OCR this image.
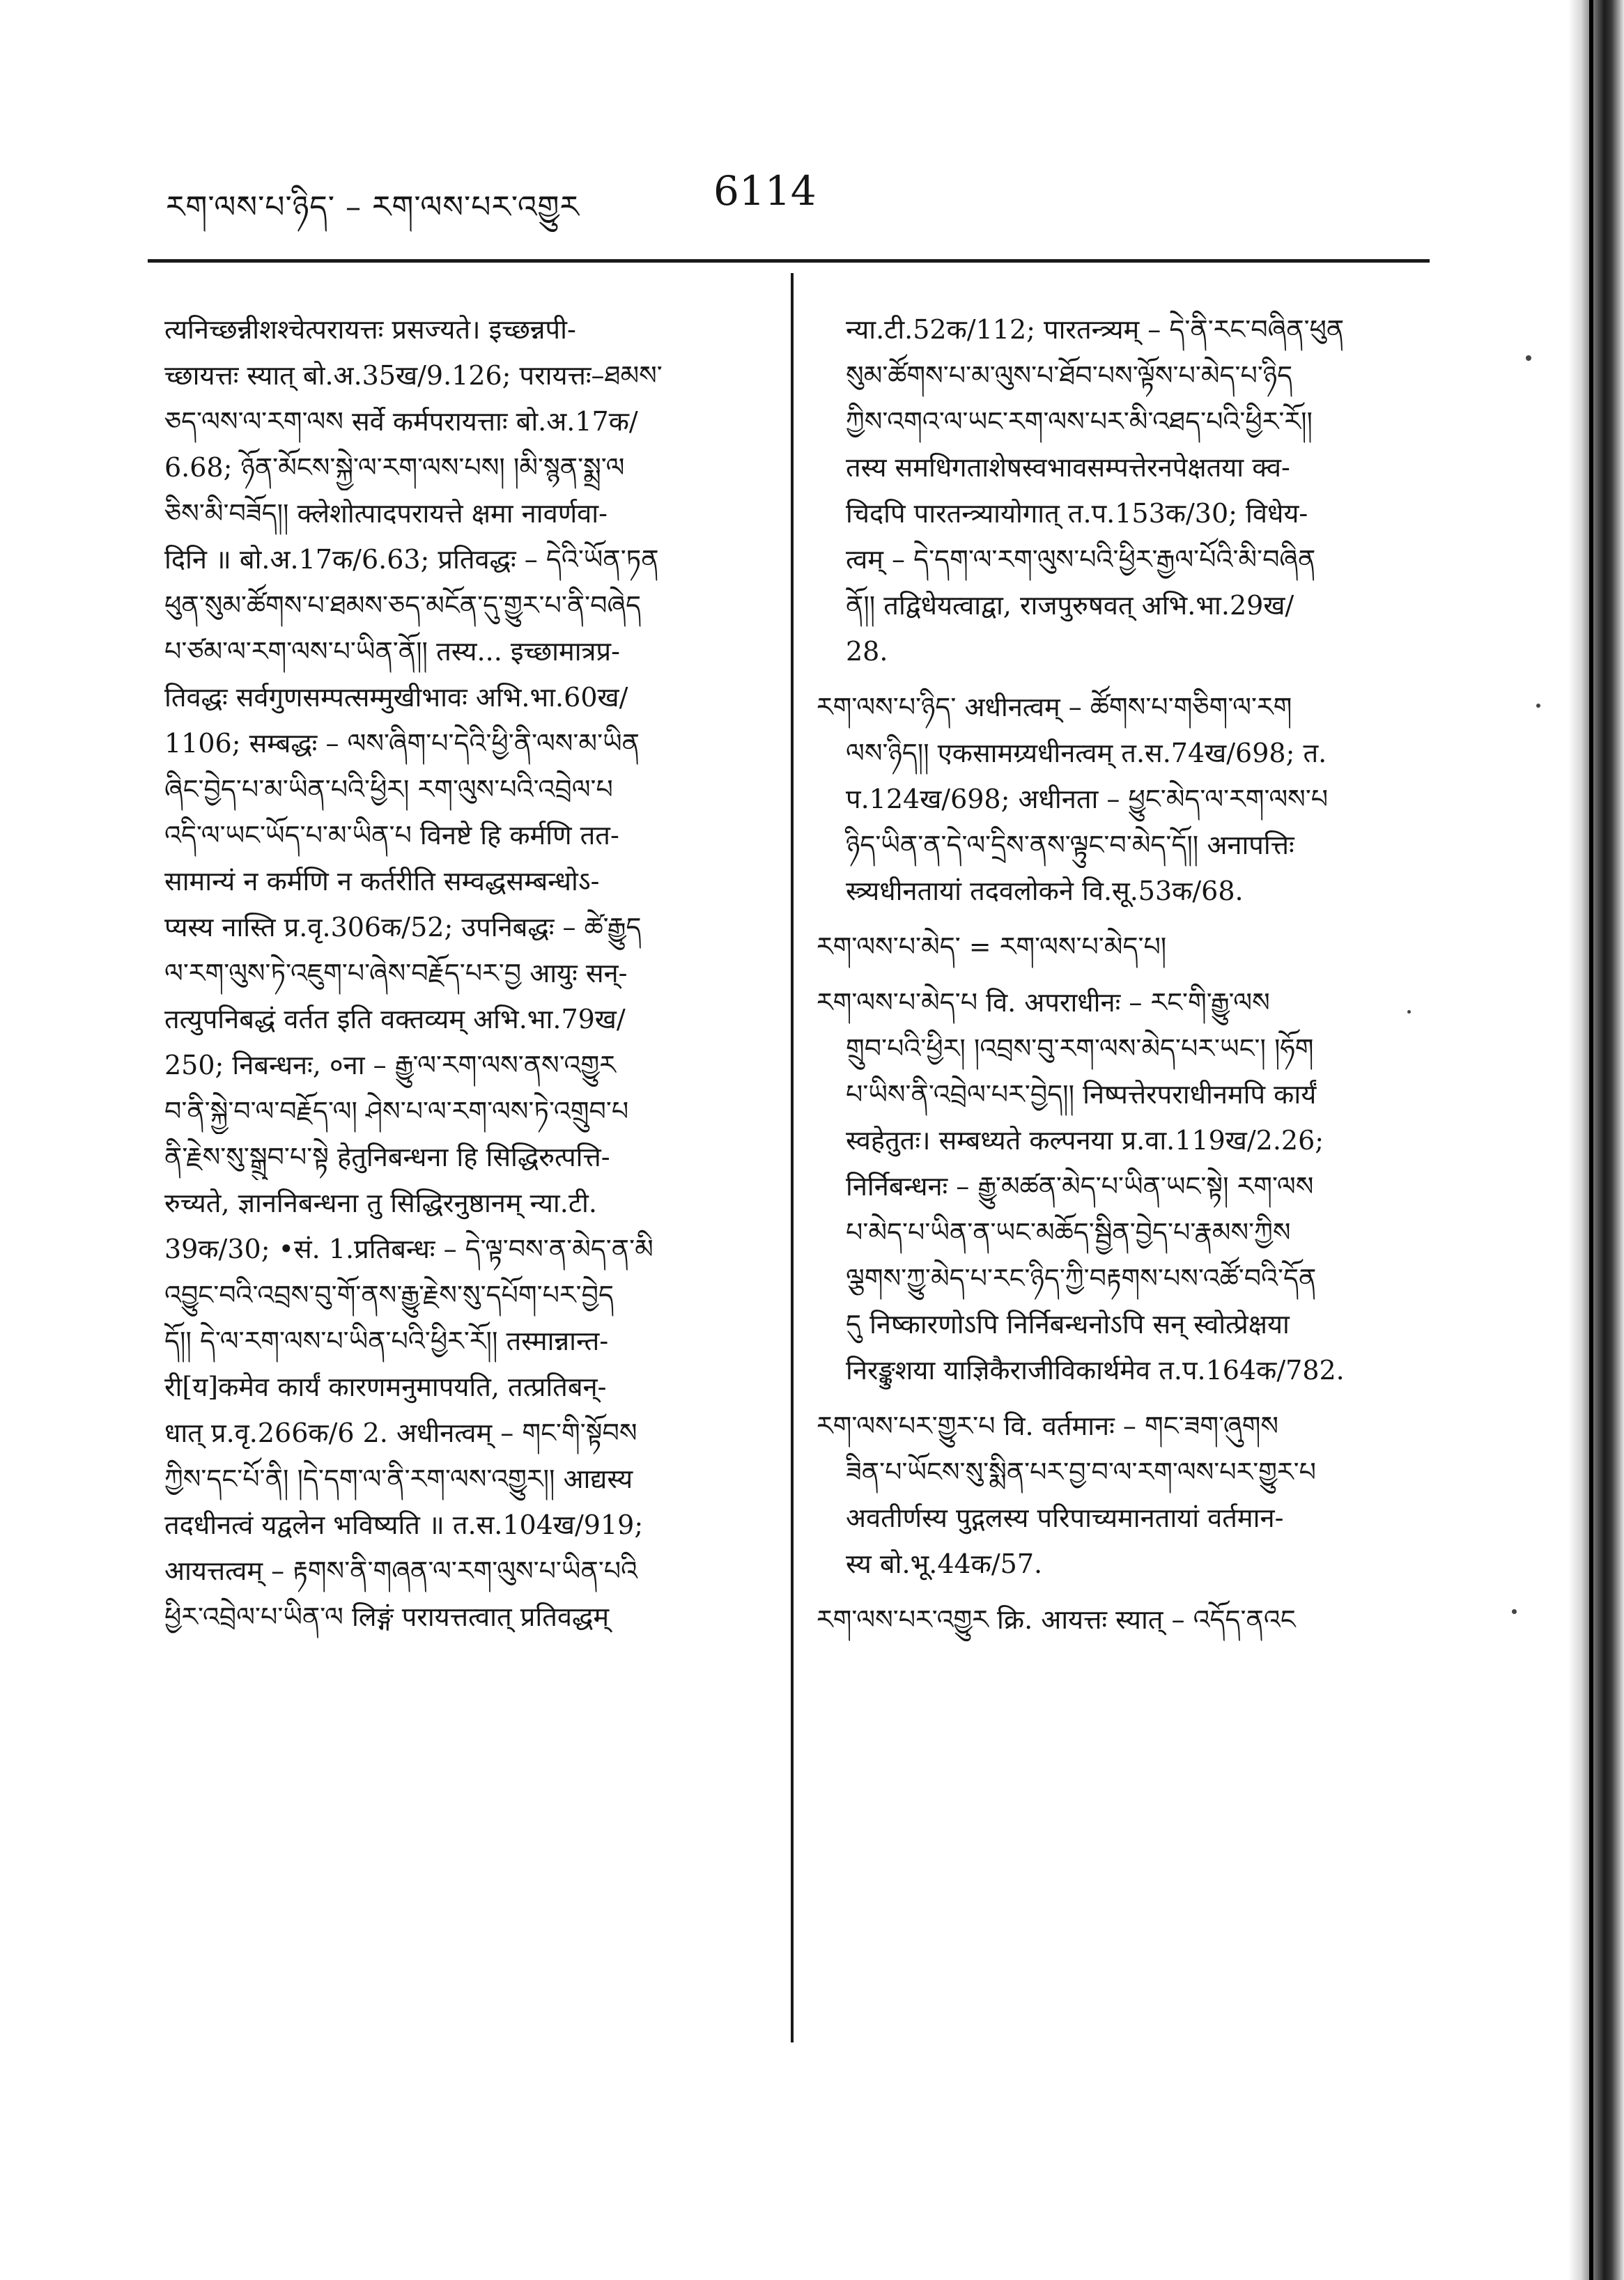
རག་ལས་པ་ཉིད་ – རག་ལས་པར་འགྱུར	6114
त्यनिच्छन्नीशश्चेत्परायत्तः प्रसज्यते। इच्छन्नपी-
च्छायत्तः स्यात् बो.अ.35ख/9.126; परायत्तः–ཐམས་
ཅད་ལས་ལ་རག་ལས सर्वे कर्मपरायत्ताः बो.अ.17क/
6.68; ཉོན་མོངས་སྐྱེ་ལ་རག་ལས་པས། །མི་སྙན་སྨྲ་ལ
ཅིས་མི་བཟོད།། क्लेशोत्पादपरायत्ते क्षमा नावर्णवा-
दिनि ॥ बो.अ.17क/6.63; प्रतिवद्धः – དེའི་ཡོན་ཏན
ཕུན་སུམ་ཚོགས་པ་ཐམས་ཅད་མངོན་དུ་གྱུར་པ་ནི་བཞེད
པ་ཙམ་ལ་རག་ལས་པ་ཡིན་ནོ།། तस्य... इच्छामात्रप्र-
तिवद्धः सर्वगुणसम्पत्सम्मुखीभावः अभि.भा.60ख/
1106; सम्बद्धः – ལས་ཞིག་པ་དེའི་ཕྱི་ནི་ལས་མ་ཡིན
ཞིང་བྱེད་པ་མ་ཡིན་པའི་ཕྱིར། རག་ལུས་པའི་འབྲེལ་པ
འདི་ལ་ཡང་ཡོད་པ་མ་ཡིན་པ विनष्टे हि कर्मणि तत-
सामान्यं न कर्मणि न कर्तरीति सम्वद्धसम्बन्धोऽ-
प्यस्य नास्ति प्र.वृ.306क/52; उपनिबद्धः – ཚེ་རྒྱུད
ལ་རག་ལུས་ཏེ་འཇུག་པ་ཞེས་བརྗོད་པར་བྱ आयुः सन्-
तत्युपनिबद्धं वर्तत इति वक्तव्यम् अभि.भा.79ख/
250; निबन्धनः, ०ना – རྒྱུ་ལ་རག་ལས་ནས་འགྱུར
བ་ནི་སྐྱེ་བ་ལ་བརྗོད་ལ། ཤེས་པ་ལ་རག་ལས་ཏེ་འགྲུབ་པ
ནི་རྗེས་སུ་སྒྲུབ་པ་སྟེ हेतुनिबन्धना हि सिद्धिरुत्पत्ति-
रुच्यते, ज्ञाननिबन्धना तु सिद्धिरनुष्ठानम् न्या.टी.
39क/30; •सं. 1.प्रतिबन्धः – དེ་ལྟ་བས་ན་མེད་ན་མི
འབྱུང་བའི་འབྲས་བུ་གོ་ནས་རྒྱུ་རྗེས་སུ་དཔོག་པར་བྱེད
དོ།། དེ་ལ་རག་ལས་པ་ཡིན་པའི་ཕྱིར་རོ།། तस्मान्नान्त-
री[य]कमेव कार्यं कारणमनुमापयति, तत्प्रतिबन्-
धात् प्र.वृ.266क/6 2. अधीनत्वम् – གང་གི་སྟོབས
ཀྱིས་དང་པོ་ནི། །དེ་དག་ལ་ནི་རག་ལས་འགྱུར།། आद्यस्य
तदधीनत्वं यद्वलेन भविष्यति ॥ त.स.104ख/919;
आयत्तत्वम् – རྟགས་ནི་གཞན་ལ་རག་ལུས་པ་ཡིན་པའི
ཕྱིར་འབྲེལ་པ་ཡིན་ལ लिङ्गं परायत्तत्वात् प्रतिवद्धम्
न्या.टी.52क/112; पारतन्त्र्यम् – དེ་ནི་རང་བཞིན་ཕུན
སུམ་ཚོགས་པ་མ་ལུས་པ་ཐོབ་པས་ལྟོས་པ་མེད་པ་ཉིད
ཀྱིས་འགའ་ལ་ཡང་རག་ལས་པར་མི་འཐད་པའི་ཕྱིར་རོ།།
तस्य समधिगताशेषस्वभावसम्पत्तेरनपेक्षतया क्व-
चिदपि पारतन्त्र्यायोगात् त.प.153क/30; विधेय-
त्वम् – དེ་དག་ལ་རག་ལུས་པའི་ཕྱིར་རྒྱལ་པོའི་མི་བཞིན
ནོ།། तद्विधेयत्वाद्वा, राजपुरुषवत् अभि.भा.29ख/
28.
རག་ལས་པ་ཉིད་ अधीनत्वम् – ཚོགས་པ་གཅིག་ལ་རག
ལས་ཉིད།། एकसामग्र्यधीनत्वम् त.स.74ख/698; त.
प.124ख/698; अधीनता – ཕྱུང་མེད་ལ་རག་ལས་པ
ཉིད་ཡིན་ན་དེ་ལ་དྲིས་ནས་ལྟུང་བ་མེད་དོ།། अनापत्तिः
स्त्र्यधीनतायां तदवलोकने वि.सू.53क/68.
རག་ལས་པ་མེད་ = རག་ལས་པ་མེད་པ།
རག་ལས་པ་མེད་པ वि. अपराधीनः – རང་གི་རྒྱུ་ལས
གྲུབ་པའི་ཕྱིར། །འབྲས་བུ་རག་ལས་མེད་པར་ཡང་། །ཧོག
པ་ཡིས་ནི་འབྲེལ་པར་བྱེད།། निष्पत्तेरपराधीनमपि कार्यं
स्वहेतुतः। सम्बध्यते कल्पनया प्र.वा.119ख/2.26;
निर्निबन्धनः – རྒྱུ་མཚན་མེད་པ་ཡིན་ཡང་སྟེ། རག་ལས
པ་མེད་པ་ཡིན་ན་ཡང་མཆོད་སྦྱིན་བྱེད་པ་རྣམས་ཀྱིས
ལྕགས་ཀྱུ་མེད་པ་རང་ཉིད་ཀྱི་བརྟགས་པས་འཚོ་བའི་དོན
དུ निष्कारणोऽपि निर्निबन्धनोऽपि सन् स्वोत्प्रेक्षया
निरङ्कुशया याज्ञिकैराजीविकार्थमेव त.प.164क/782.
རག་ལས་པར་གྱུར་པ वि. वर्तमानः – གང་ཟག་ཞུགས
ཟིན་པ་ཡོངས་སུ་སྨིན་པར་བྱ་བ་ལ་རག་ལས་པར་གྱུར་པ
अवतीर्णस्य पुद्गलस्य परिपाच्यमानतायां वर्तमान-
स्य बो.भू.44क/57.
རག་ལས་པར་འགྱུར क्रि. आयत्तः स्यात् – འདོད་ནའང
